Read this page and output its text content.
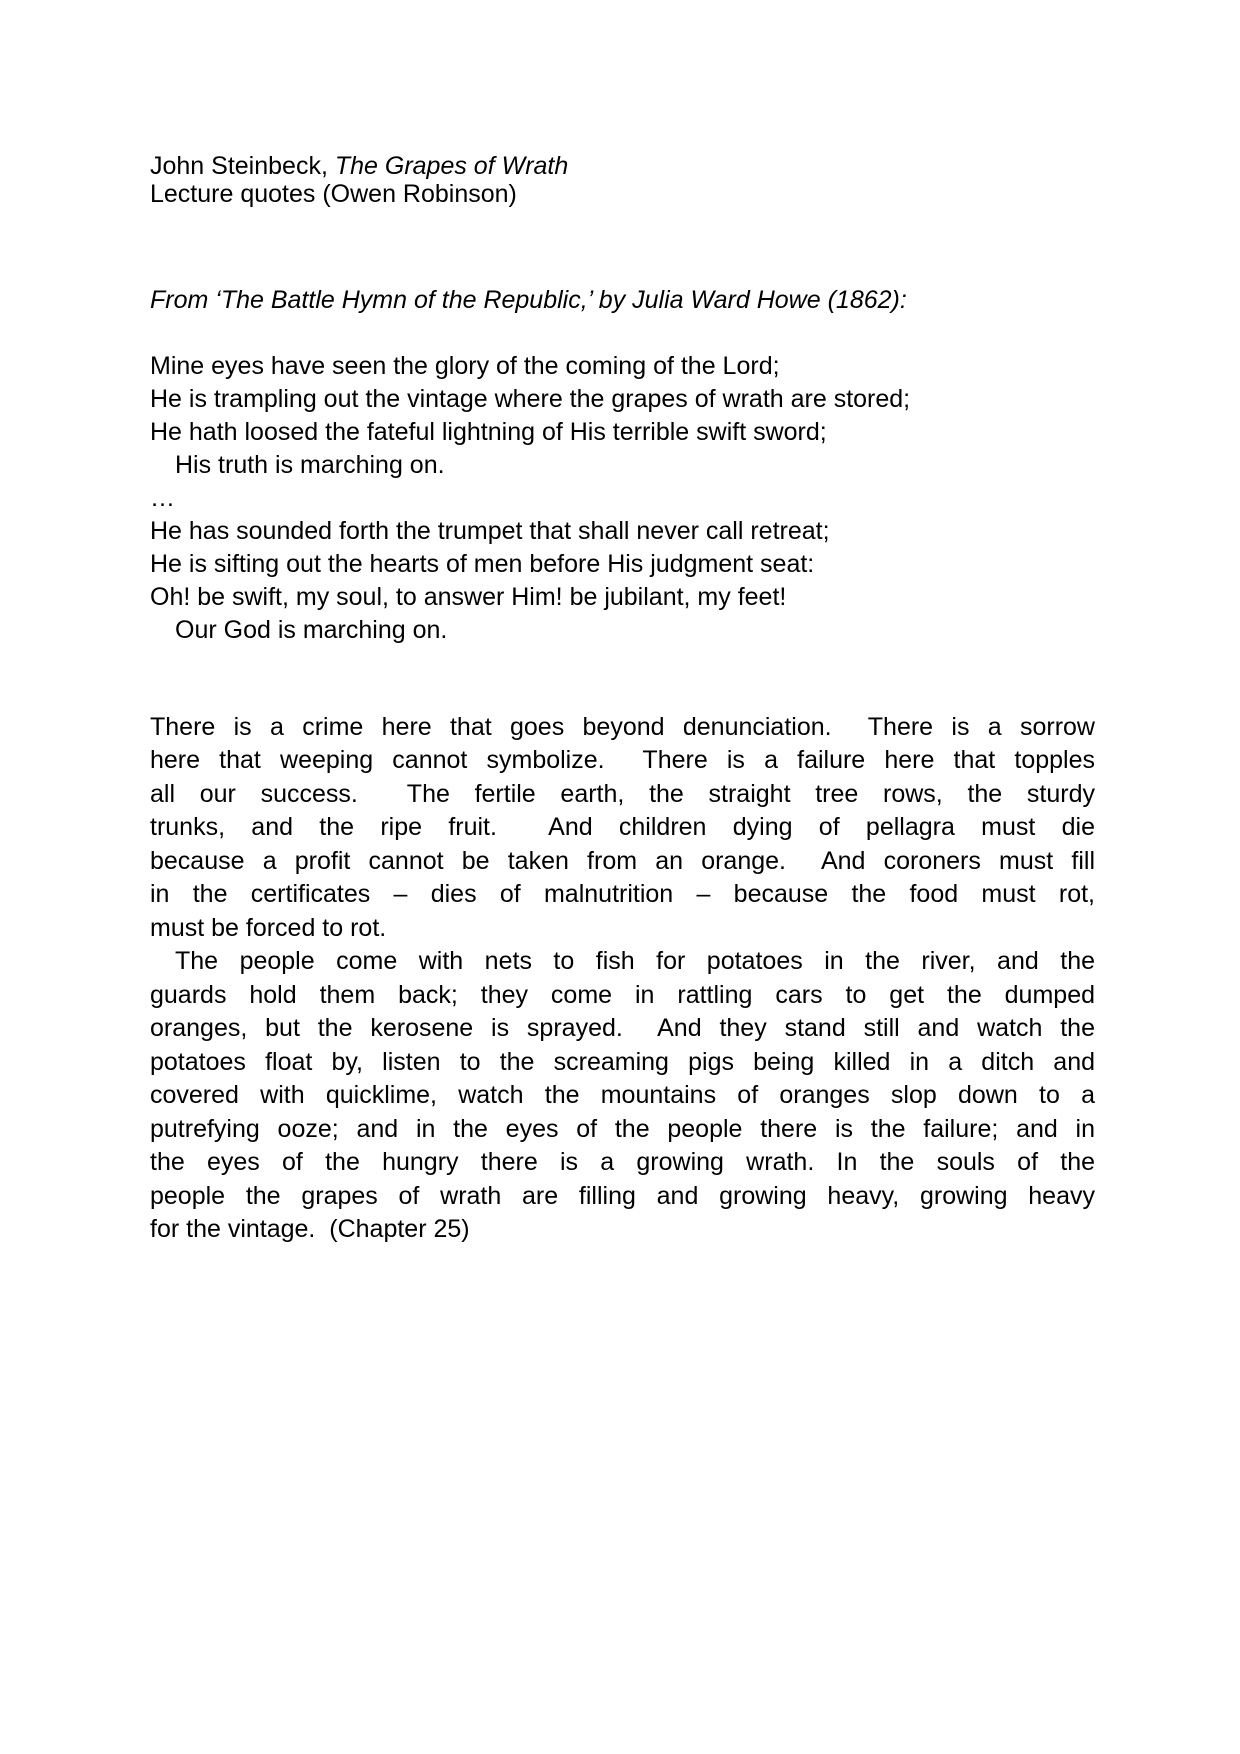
John Steinbeck, The Grapes of Wrath
Lecture quotes (Owen Robinson)
From ‘The Battle Hymn of the Republic,’ by Julia Ward Howe (1862):
Mine eyes have seen the glory of the coming of the Lord;
He is trampling out the vintage where the grapes of wrath are stored;
He hath loosed the fateful lightning of His terrible swift sword;
His truth is marching on.
…
He has sounded forth the trumpet that shall never call retreat;
He is sifting out the hearts of men before His judgment seat:
Oh! be swift, my soul, to answer Him! be jubilant, my feet!
Our God is marching on.
There is a crime here that goes beyond denunciation.  There is a sorrow
here that weeping cannot symbolize.  There is a failure here that topples
all our success.  The fertile earth, the straight tree rows, the sturdy
trunks, and the ripe fruit.  And children dying of pellagra must die
because a profit cannot be taken from an orange.  And coroners must fill
in the certificates – dies of malnutrition – because the food must rot,
must be forced to rot.
The people come with nets to fish for potatoes in the river, and the
guards hold them back; they come in rattling cars to get the dumped
oranges, but the kerosene is sprayed.  And they stand still and watch the
potatoes float by, listen to the screaming pigs being killed in a ditch and
covered with quicklime, watch the mountains of oranges slop down to a
putrefying ooze; and in the eyes of the people there is the failure; and in
the eyes of the hungry there is a growing wrath. In the souls of the
people the grapes of wrath are filling and growing heavy, growing heavy
for the vintage.  (Chapter 25)
